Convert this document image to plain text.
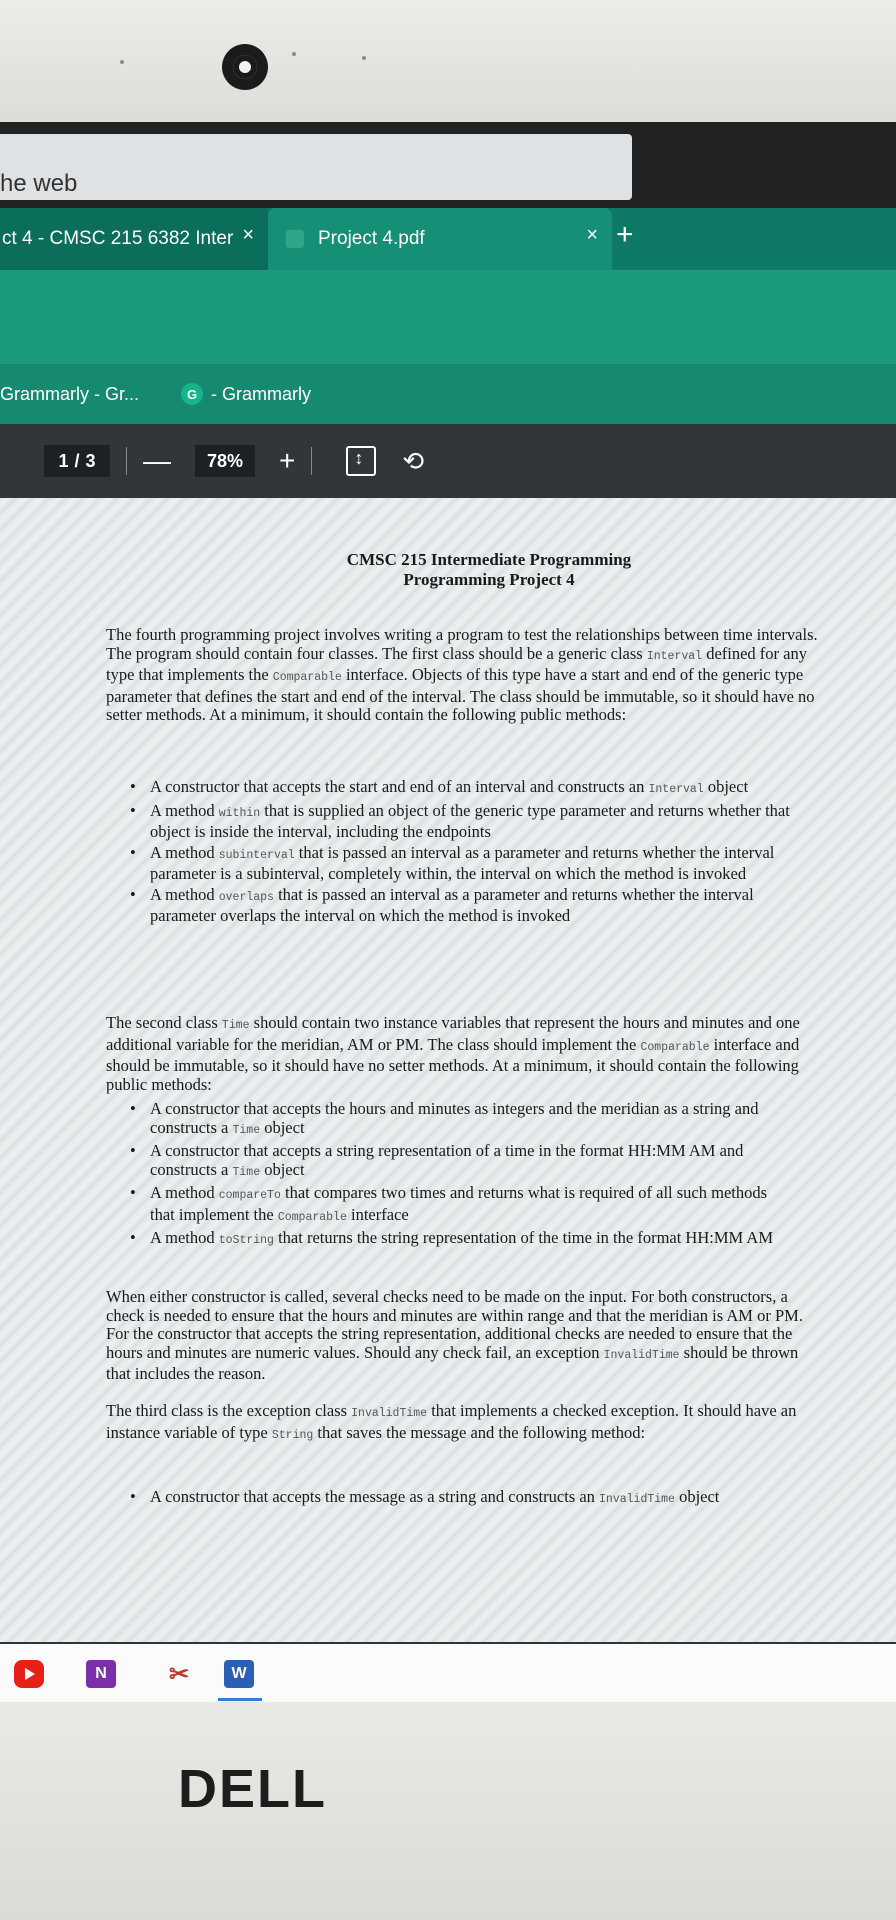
he web
ct 4 - CMSC 215 6382 Inter ×	Project 4.pdf	× +
Grammarly - Gr...	G - Grammarly
1 / 3 —	78%	+
↕	⟲
CMSC 215 Intermediate Programming
Programming Project 4

The fourth programming project involves writing a program to test the relationships between time intervals. The program should contain four classes. The first class should be a generic class Interval defined for any type that implements the Comparable interface. Objects of this type have a start and end of the generic type parameter that defines the start and end of the interval. The class should be immutable, so it should have no setter methods. At a minimum, it should contain the following public methods:

• A constructor that accepts the start and end of an interval and constructs an Interval object
• A method within that is supplied an object of the generic type parameter and returns whether that object is inside the interval, including the endpoints
• A method subinterval that is passed an interval as a parameter and returns whether the interval parameter is a subinterval, completely within, the interval on which the method is invoked
• A method overlaps that is passed an interval as a parameter and returns whether the interval parameter overlaps the interval on which the method is invoked

The second class Time should contain two instance variables that represent the hours and minutes and one additional variable for the meridian, AM or PM. The class should implement the Comparable interface and should be immutable, so it should have no setter methods. At a minimum, it should contain the following public methods:

• A constructor that accepts the hours and minutes as integers and the meridian as a string and constructs a Time object
• A constructor that accepts a string representation of a time in the format HH:MM AM and constructs a Time object
• A method compareTo that compares two times and returns what is required of all such methods that implement the Comparable interface
• A method toString that returns the string representation of the time in the format HH:MM AM

When either constructor is called, several checks need to be made on the input. For both constructors, a check is needed to ensure that the hours and minutes are within range and that the meridian is AM or PM. For the constructor that accepts the string representation, additional checks are needed to ensure that the hours and minutes are numeric values. Should any check fail, an exception InvalidTime should be thrown that includes the reason.

The third class is the exception class InvalidTime that implements a checked exception. It should have an instance variable of type String that saves the message and the following method:

• A constructor that accepts the message as a string and constructs an InvalidTime object
N	✂	W
DELL
